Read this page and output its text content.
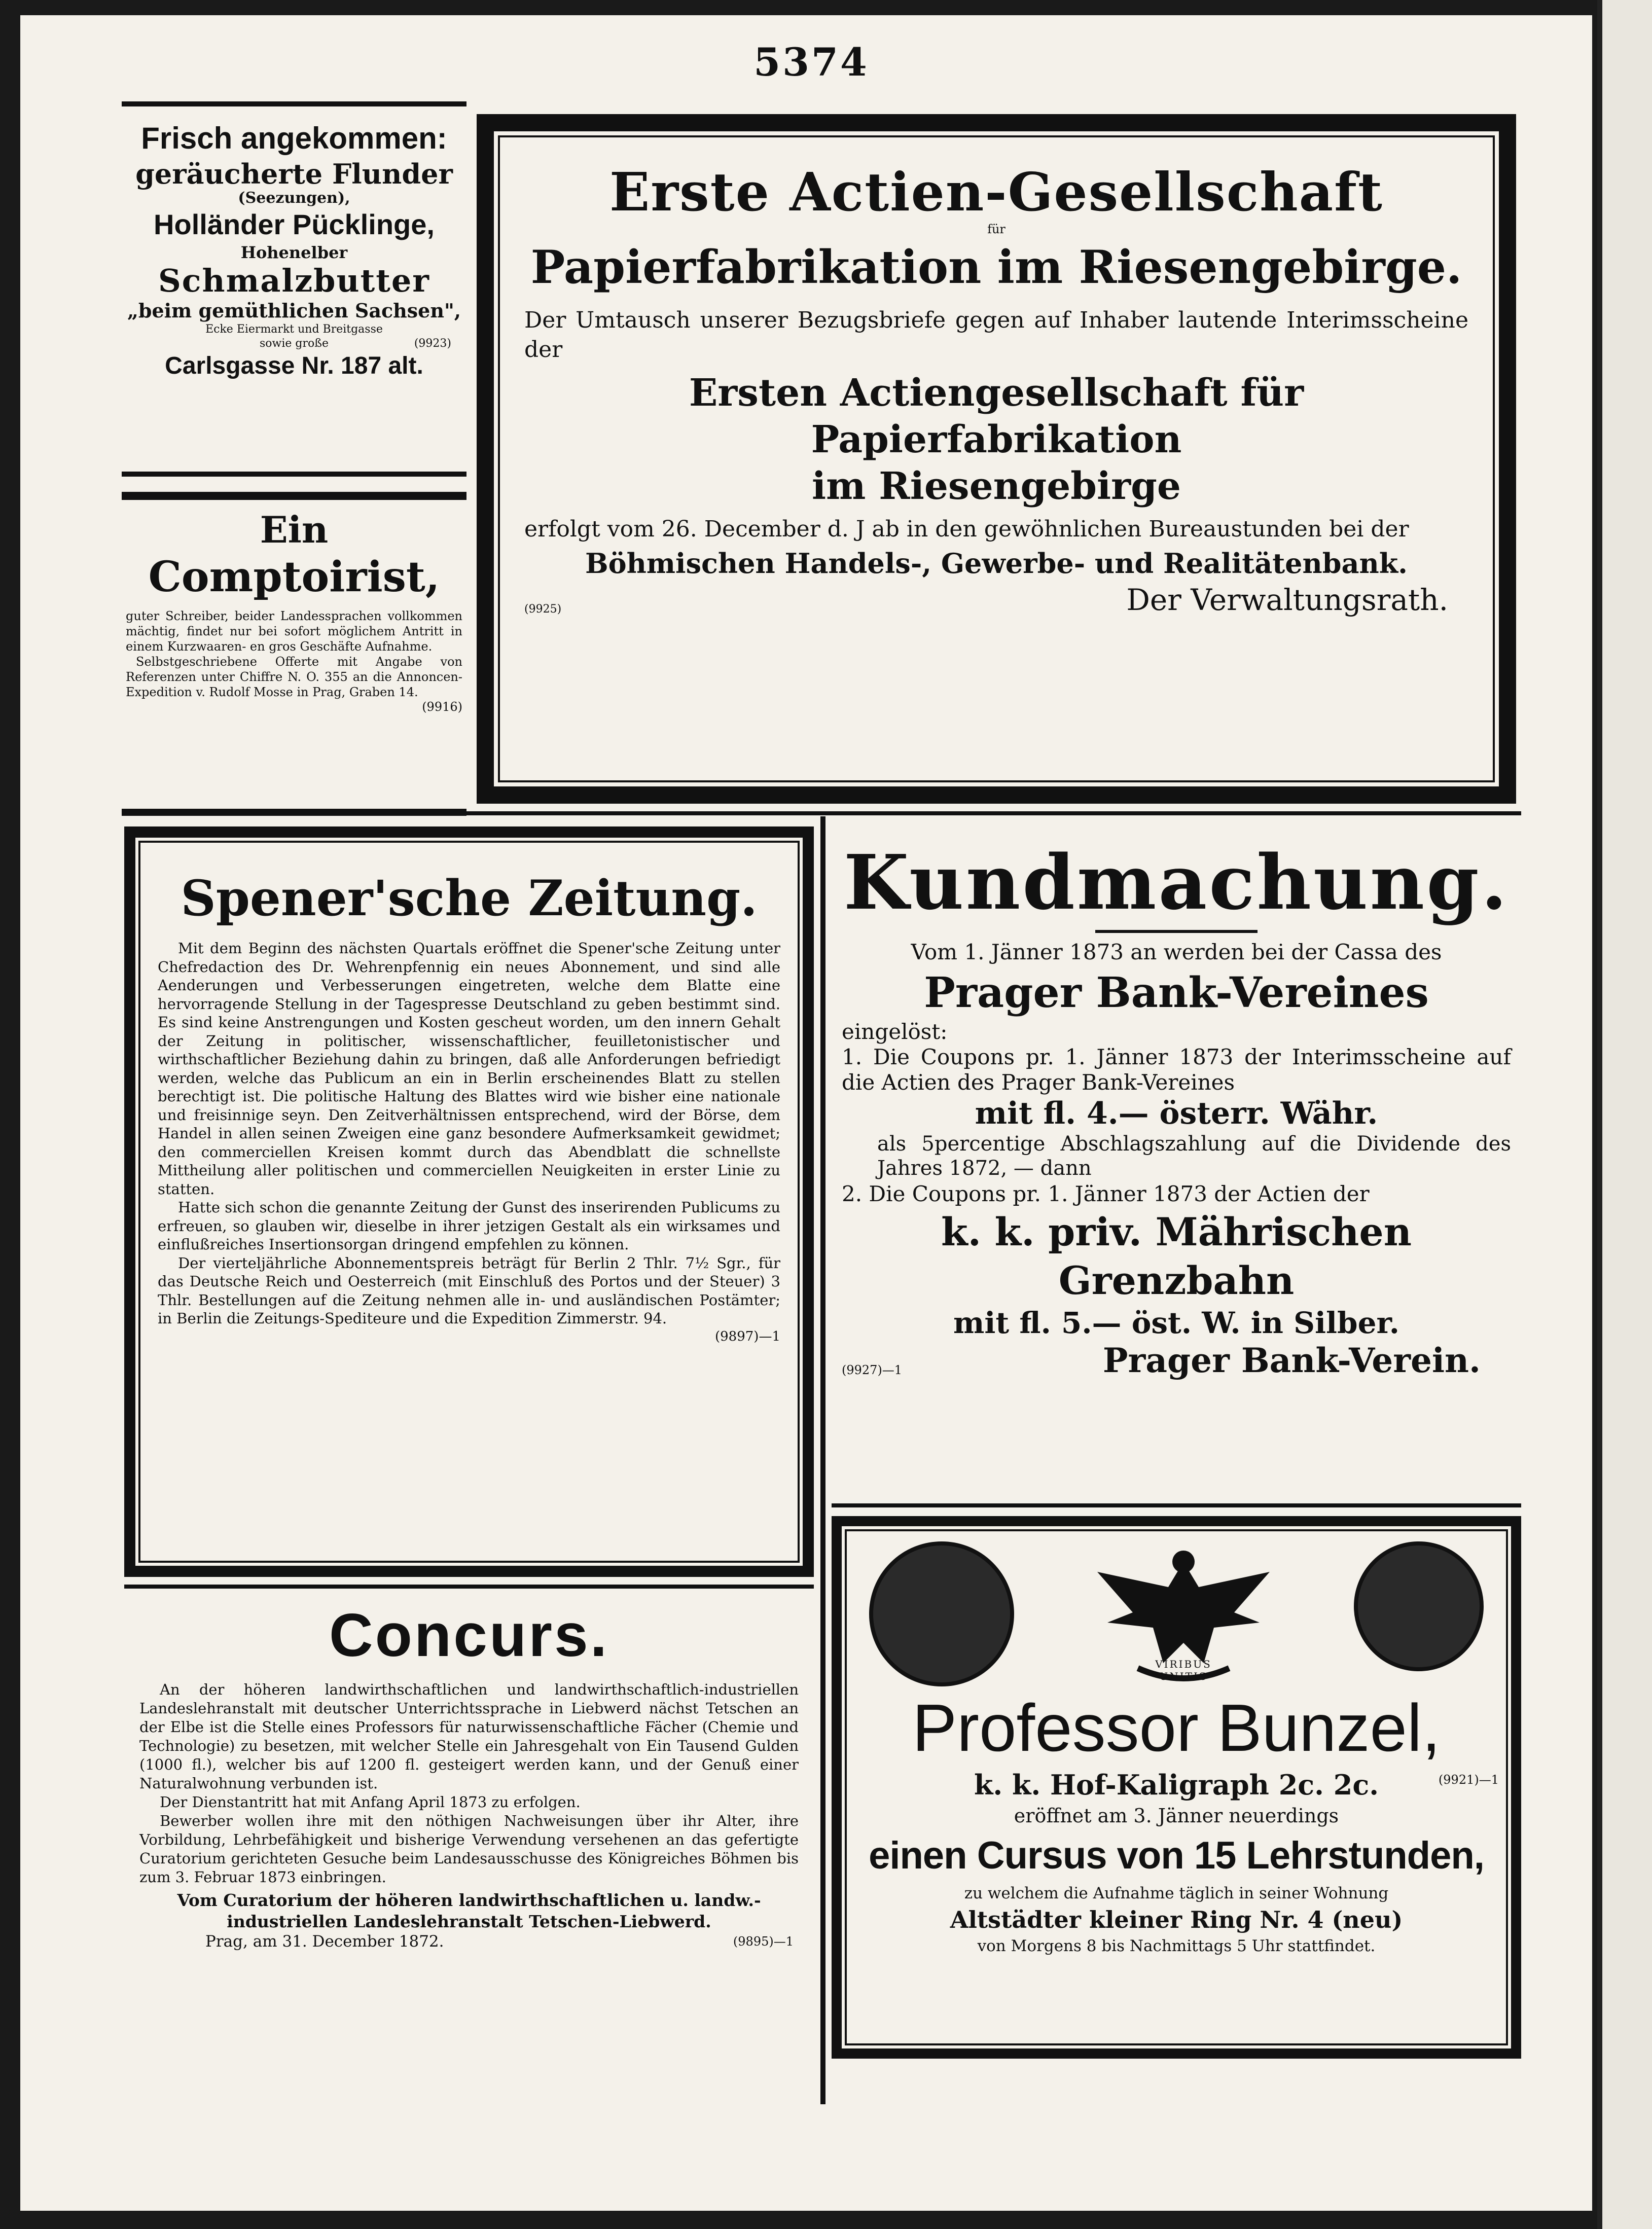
5374
Frisch angekommen:
geräucherte Flunder
(Seezungen),
Holländer Pücklinge,
Hohenelber
Schmalzbutter
„beim gemüthlichen Sachsen",
Ecke Eiermarkt und Breitgasse
sowie große	(9923)
Carlsgasse Nr. 187 alt.
Ein
Comptoirist,
guter Schreiber, beider Landessprachen vollkommen mächtig, findet nur bei sofort möglichem Antritt in einem Kurzwaaren- en gros Geschäfte Aufnahme.
Selbstgeschriebene Offerte mit Angabe von Referenzen unter Chiffre N. O. 355 an die Annoncen-Expedition v. Rudolf Mosse in Prag, Graben 14.
(9916)
Erste Actien-Gesellschaft
für
Papierfabrikation im Riesengebirge.
Der Umtausch unserer Bezugsbriefe gegen auf Inhaber lautende Interimsscheine der
Ersten Actiengesellschaft für Papierfabrikation
im Riesengebirge
erfolgt vom 26. December d. J ab in den gewöhnlichen Bureaustunden bei der
Böhmischen Handels-, Gewerbe- und Realitätenbank.
(9925)	Der Verwaltungsrath.
Spener'sche Zeitung.
Mit dem Beginn des nächsten Quartals eröffnet die Spener'sche Zeitung unter Chefredaction des Dr. Wehrenpfennig ein neues Abonnement, und sind alle Aenderungen und Verbesserungen eingetreten, welche dem Blatte eine hervorragende Stellung in der Tagespresse Deutschland zu geben bestimmt sind. Es sind keine Anstrengungen und Kosten gescheut worden, um den innern Gehalt der Zeitung in politischer, wissenschaftlicher, feuilletonistischer und wirthschaftlicher Beziehung dahin zu bringen, daß alle Anforderungen befriedigt werden, welche das Publicum an ein in Berlin erscheinendes Blatt zu stellen berechtigt ist. Die politische Haltung des Blattes wird wie bisher eine nationale und freisinnige seyn. Den Zeitverhältnissen entsprechend, wird der Börse, dem Handel in allen seinen Zweigen eine ganz besondere Aufmerksamkeit gewidmet; den commerciellen Kreisen kommt durch das Abendblatt die schnellste Mittheilung aller politischen und commerciellen Neuigkeiten in erster Linie zu statten.
Hatte sich schon die genannte Zeitung der Gunst des inserirenden Publicums zu erfreuen, so glauben wir, dieselbe in ihrer jetzigen Gestalt als ein wirksames und einflußreiches Insertionsorgan dringend empfehlen zu können.
Der vierteljährliche Abonnementspreis beträgt für Berlin 2 Thlr. 7½ Sgr., für das Deutsche Reich und Oesterreich (mit Einschluß des Portos und der Steuer) 3 Thlr. Bestellungen auf die Zeitung nehmen alle in- und ausländischen Postämter; in Berlin die Zeitungs-Spediteure und die Expedition Zimmerstr. 94.
(9897)—1
Kundmachung.
Vom 1. Jänner 1873 an werden bei der Cassa des
Prager Bank-Vereines
eingelöst:
1. Die Coupons pr. 1. Jänner 1873 der Interimsscheine auf die Actien des Prager Bank-Vereines
mit fl. 4.— österr. Währ.
als 5percentige Abschlagszahlung auf die Dividende des Jahres 1872, — dann
2. Die Coupons pr. 1. Jänner 1873 der Actien der
k. k. priv. Mährischen Grenzbahn
mit fl. 5.— öst. W. in Silber.
(9927)—1	Prager Bank-Verein.
Concurs.
An der höheren landwirthschaftlichen und landwirthschaftlich-industriellen Landeslehranstalt mit deutscher Unterrichtssprache in Liebwerd nächst Tetschen an der Elbe ist die Stelle eines Professors für naturwissenschaftliche Fächer (Chemie und Technologie) zu besetzen, mit welcher Stelle ein Jahresgehalt von Ein Tausend Gulden (1000 fl.), welcher bis auf 1200 fl. gesteigert werden kann, und der Genuß einer Naturalwohnung verbunden ist.
Der Dienstantritt hat mit Anfang April 1873 zu erfolgen.
Bewerber wollen ihre mit den nöthigen Nachweisungen über ihr Alter, ihre Vorbildung, Lehrbefähigkeit und bisherige Verwendung versehenen an das gefertigte Curatorium gerichteten Gesuche beim Landesausschusse des Königreiches Böhmen bis zum 3. Februar 1873 einbringen.
Vom Curatorium der höheren landwirthschaftlichen u. landw.-industriellen Landeslehranstalt Tetschen-Liebwerd.
Prag, am 31. December 1872.	(9895)—1
VIRIBUS UNITIS
Professor Bunzel,
k. k. Hof-Kaligraph 2c. 2c.	(9921)—1
eröffnet am 3. Jänner neuerdings
einen Cursus von 15 Lehrstunden,
zu welchem die Aufnahme täglich in seiner Wohnung
Altstädter kleiner Ring Nr. 4 (neu)
von Morgens 8 bis Nachmittags 5 Uhr stattfindet.
